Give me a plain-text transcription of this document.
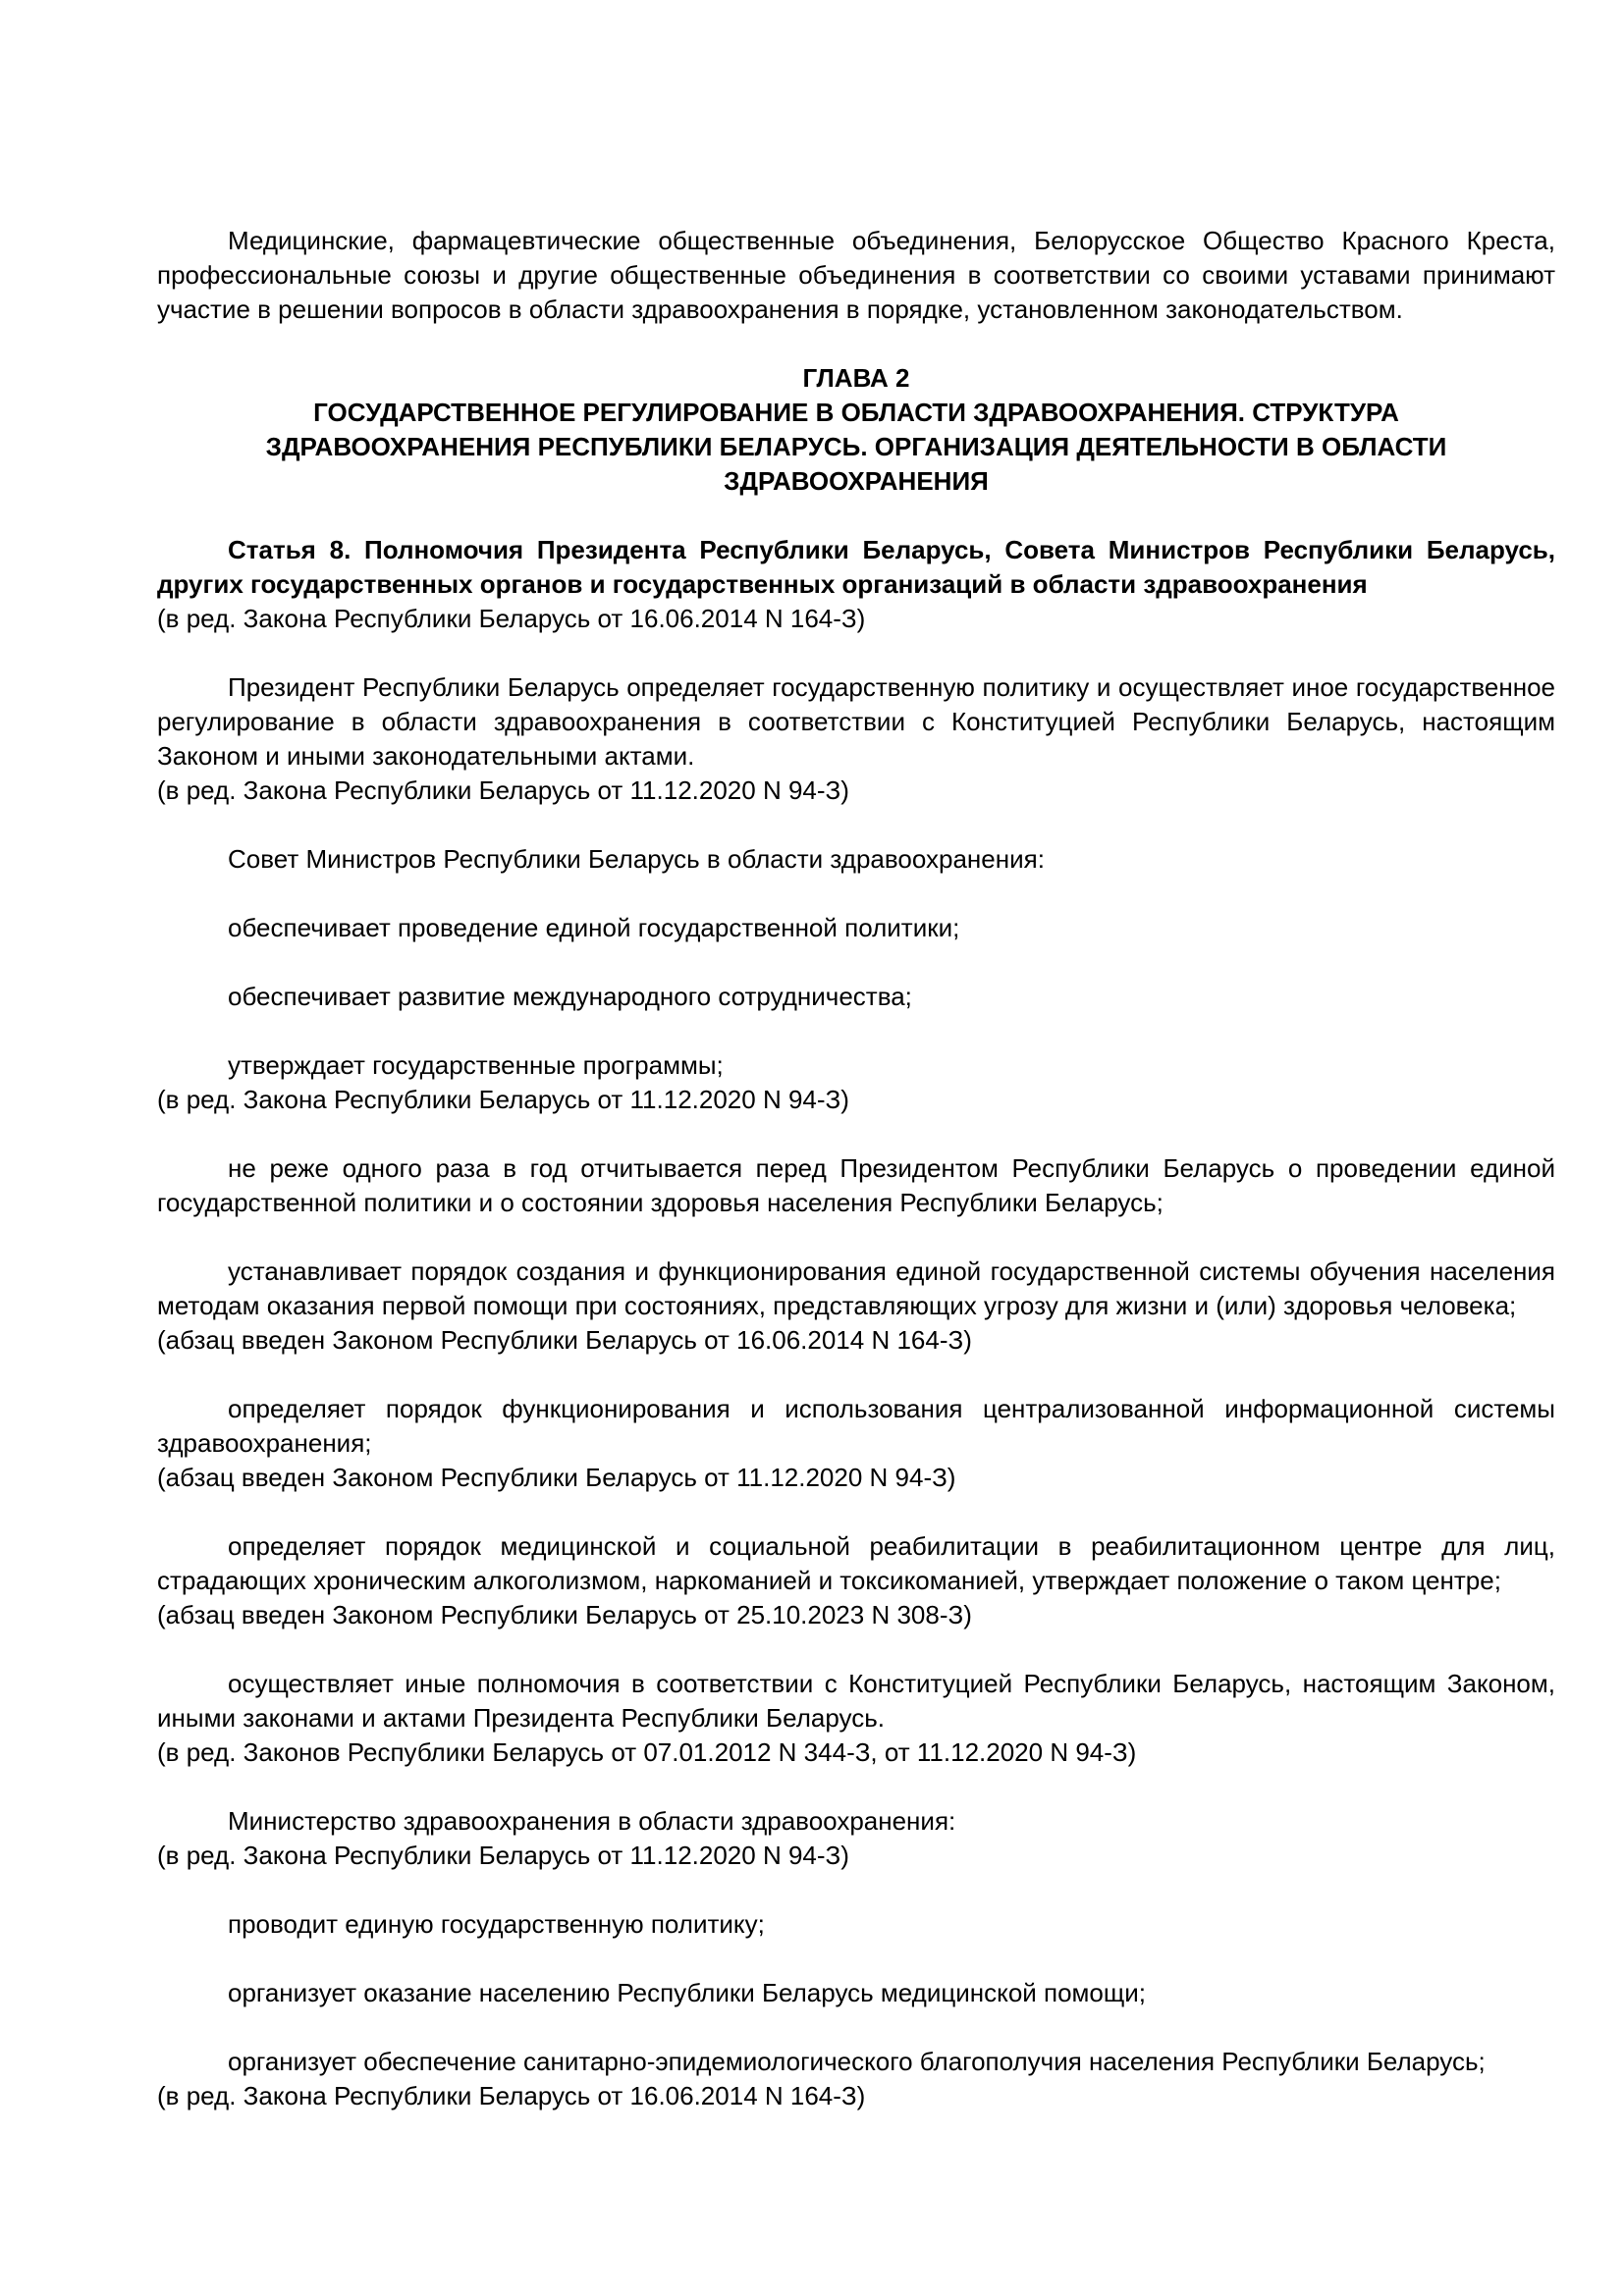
Медицинские, фармацевтические общественные объединения, Белорусское Общество Красного Креста, профессиональные союзы и другие общественные объединения в соответствии со своими уставами принимают участие в решении вопросов в области здравоохранения в порядке, установленном законодательством.

ГЛАВА 2

ГОСУДАРСТВЕННОЕ РЕГУЛИРОВАНИЕ В ОБЛАСТИ ЗДРАВООХРАНЕНИЯ. СТРУКТУРА ЗДРАВООХРАНЕНИЯ РЕСПУБЛИКИ БЕЛАРУСЬ. ОРГАНИЗАЦИЯ ДЕЯТЕЛЬНОСТИ В ОБЛАСТИ ЗДРАВООХРАНЕНИЯ

Статья 8. Полномочия Президента Республики Беларусь, Совета Министров Республики Беларусь, других государственных органов и государственных организаций в области здравоохранения

(в ред. Закона Республики Беларусь от 16.06.2014 N 164-З)

Президент Республики Беларусь определяет государственную политику и осуществляет иное государственное регулирование в области здравоохранения в соответствии с Конституцией Республики Беларусь, настоящим Законом и иными законодательными актами.

(в ред. Закона Республики Беларусь от 11.12.2020 N 94-З)

Совет Министров Республики Беларусь в области здравоохранения:

обеспечивает проведение единой государственной политики;

обеспечивает развитие международного сотрудничества;

утверждает государственные программы;

(в ред. Закона Республики Беларусь от 11.12.2020 N 94-З)

не реже одного раза в год отчитывается перед Президентом Республики Беларусь о проведении единой государственной политики и о состоянии здоровья населения Республики Беларусь;

устанавливает порядок создания и функционирования единой государственной системы обучения населения методам оказания первой помощи при состояниях, представляющих угрозу для жизни и (или) здоровья человека;

(абзац введен Законом Республики Беларусь от 16.06.2014 N 164-З)

определяет порядок функционирования и использования централизованной информационной системы здравоохранения;

(абзац введен Законом Республики Беларусь от 11.12.2020 N 94-З)

определяет порядок медицинской и социальной реабилитации в реабилитационном центре для лиц, страдающих хроническим алкоголизмом, наркоманией и токсикоманией, утверждает положение о таком центре;

(абзац введен Законом Республики Беларусь от 25.10.2023 N 308-З)

осуществляет иные полномочия в соответствии с Конституцией Республики Беларусь, настоящим Законом, иными законами и актами Президента Республики Беларусь.

(в ред. Законов Республики Беларусь от 07.01.2012 N 344-З, от 11.12.2020 N 94-З)

Министерство здравоохранения в области здравоохранения:

(в ред. Закона Республики Беларусь от 11.12.2020 N 94-З)

проводит единую государственную политику;

организует оказание населению Республики Беларусь медицинской помощи;

организует обеспечение санитарно-эпидемиологического благополучия населения Республики Беларусь;

(в ред. Закона Республики Беларусь от 16.06.2014 N 164-З)
